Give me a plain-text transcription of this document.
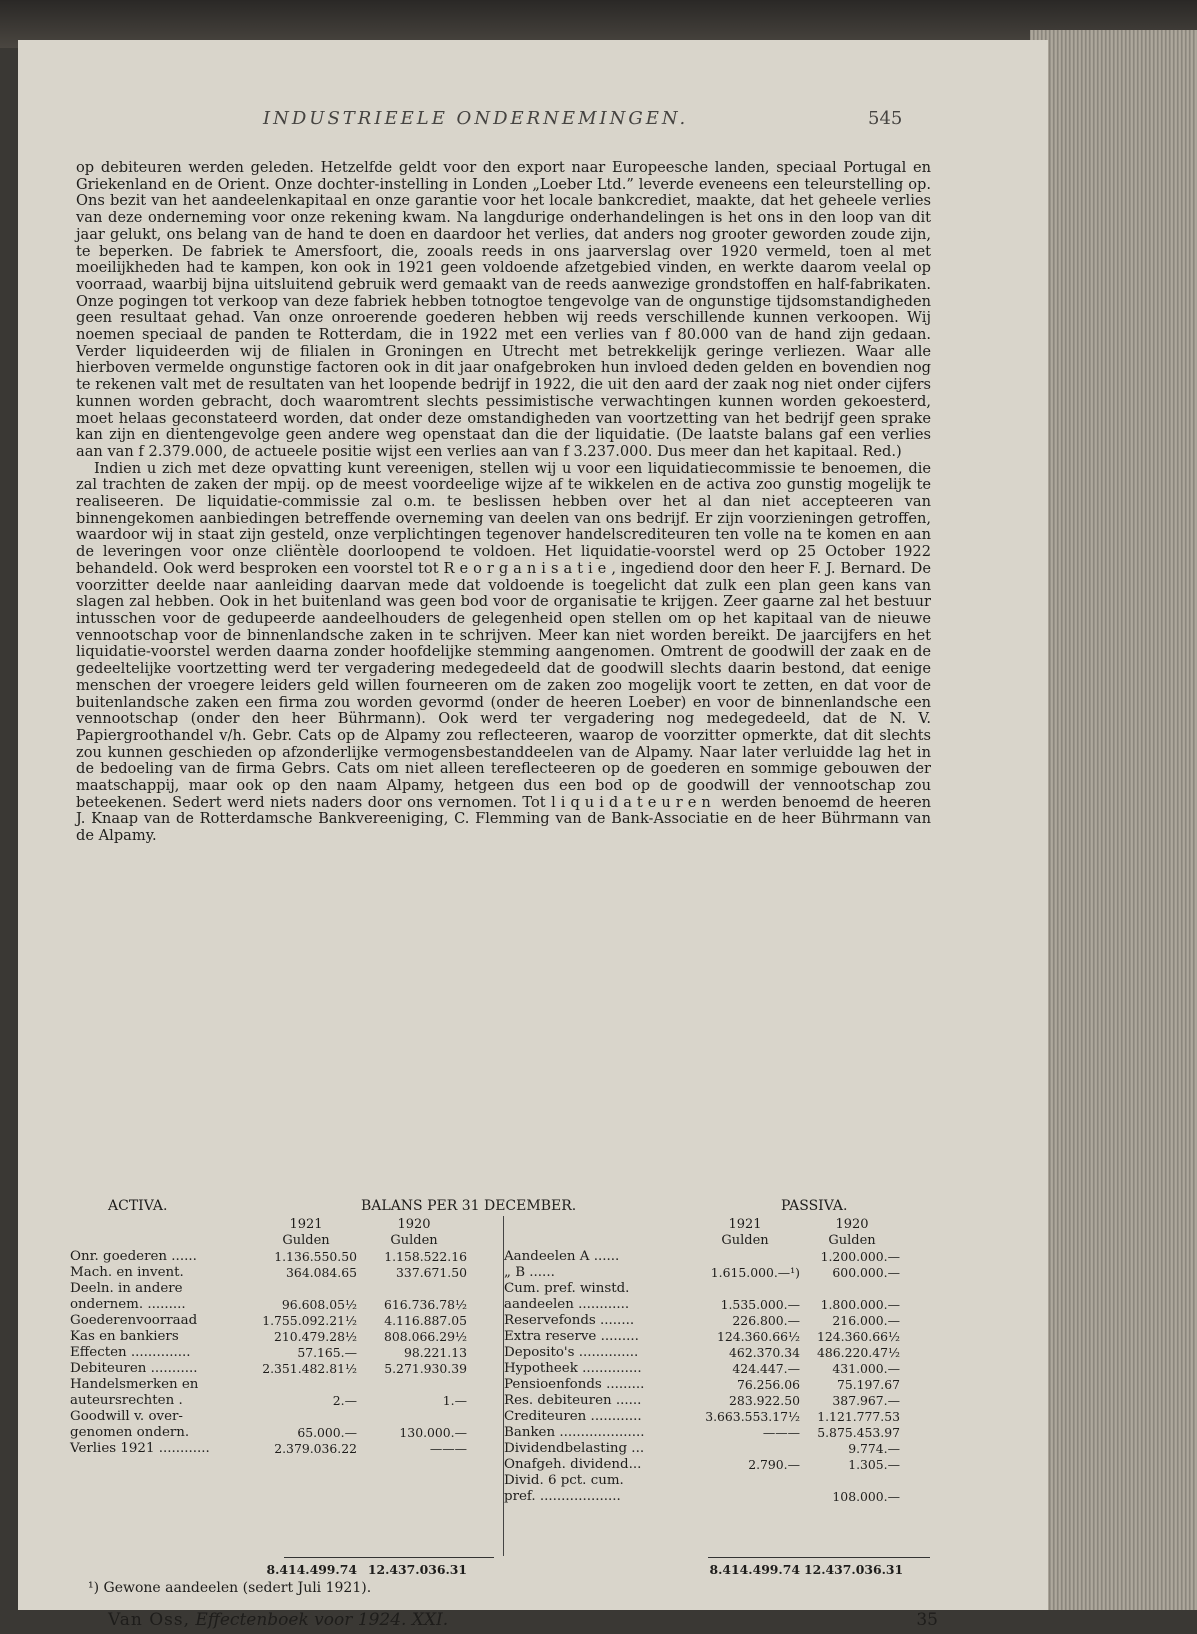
INDUSTRIEELE ONDERNEMINGEN.	545

op debiteuren werden geleden. Hetzelfde geldt voor den export naar Europeesche landen, speciaal Portugal en Griekenland en de Orient. Onze dochter-instelling in Londen „Loeber Ltd.” leverde eveneens een teleurstelling op. Ons bezit van het aandeelenkapitaal en onze garantie voor het locale bankcrediet, maakte, dat het geheele verlies van deze onderneming voor onze rekening kwam. Na langdurige onderhandelingen is het ons in den loop van dit jaar gelukt, ons belang van de hand te doen en daardoor het verlies, dat anders nog grooter geworden zoude zijn, te beperken. De fabriek te Amersfoort, die, zooals reeds in ons jaarverslag over 1920 vermeld, toen al met moeilijkheden had te kampen, kon ook in 1921 geen voldoende afzetgebied vinden, en werkte daarom veelal op voorraad, waarbij bijna uitsluitend gebruik werd gemaakt van de reeds aanwezige grondstoffen en half-fabrikaten. Onze pogingen tot verkoop van deze fabriek hebben totnogtoe tengevolge van de ongunstige tijdsomstandigheden geen resultaat gehad. Van onze onroerende goederen hebben wij reeds verschillende kunnen verkoopen. Wij noemen speciaal de panden te Rotterdam, die in 1922 met een verlies van f 80.000 van de hand zijn gedaan. Verder liquideerden wij de filialen in Groningen en Utrecht met betrekkelijk geringe verliezen. Waar alle hierboven vermelde ongunstige factoren ook in dit jaar onafgebroken hun invloed deden gelden en bovendien nog te rekenen valt met de resultaten van het loopende bedrijf in 1922, die uit den aard der zaak nog niet onder cijfers kunnen worden gebracht, doch waaromtrent slechts pessimistische verwachtingen kunnen worden gekoesterd, moet helaas geconstateerd worden, dat onder deze omstandigheden van voortzetting van het bedrijf geen sprake kan zijn en dientengevolge geen andere weg openstaat dan die der liquidatie. (De laatste balans gaf een verlies aan van f 2.379.000, de actueele positie wijst een verlies aan van f 3.237.000. Dus meer dan het kapitaal. Red.)

Indien u zich met deze opvatting kunt vereenigen, stellen wij u voor een liquidatiecommissie te benoemen, die zal trachten de zaken der mpij. op de meest voordeelige wijze af te wikkelen en de activa zoo gunstig mogelijk te realiseeren. De liquidatie-commissie zal o.m. te beslissen hebben over het al dan niet accepteeren van binnengekomen aanbiedingen betreffende overneming van deelen van ons bedrijf. Er zijn voorzieningen getroffen, waardoor wij in staat zijn gesteld, onze verplichtingen tegenover handelscrediteuren ten volle na te komen en aan de leveringen voor onze cliëntèle doorloopend te voldoen. Het liquidatie-voorstel werd op 25 October 1922 behandeld. Ook werd besproken een voorstel tot Reorganisatie, ingediend door den heer F. J. Bernard. De voorzitter deelde naar aanleiding daarvan mede dat voldoende is toegelicht dat zulk een plan geen kans van slagen zal hebben. Ook in het buitenland was geen bod voor de organisatie te krijgen. Zeer gaarne zal het bestuur intusschen voor de gedupeerde aandeelhouders de gelegenheid open stellen om op het kapitaal van de nieuwe vennootschap voor de binnenlandsche zaken in te schrijven. Meer kan niet worden bereikt. De jaarcijfers en het liquidatie-voorstel werden daarna zonder hoofdelijke stemming aangenomen. Omtrent de goodwill der zaak en de gedeeltelijke voortzetting werd ter vergadering medegedeeld dat de goodwill slechts daarin bestond, dat eenige menschen der vroegere leiders geld willen fourneeren om de zaken zoo mogelijk voort te zetten, en dat voor de buitenlandsche zaken een firma zou worden gevormd (onder de heeren Loeber) en voor de binnenlandsche een vennootschap (onder den heer Bührmann). Ook werd ter vergadering nog medegedeeld, dat de N. V. Papiergroothandel v/h. Gebr. Cats op de Alpamy zou reflecteeren, waarop de voorzitter opmerkte, dat dit slechts zou kunnen geschieden op afzonderlijke vermogensbestanddeelen van de Alpamy. Naar later verluidde lag het in de bedoeling van de firma Gebrs. Cats om niet alleen tereflecteeren op de goederen en sommige gebouwen der maatschappij, maar ook op den naam Alpamy, hetgeen dus een bod op de goodwill der vennootschap zou beteekenen. Sedert werd niets naders door ons vernomen. Tot liquidateuren werden benoemd de heeren J. Knaap van de Rotterdamsche Bankvereeniging, C. Flemming van de Bank-Associatie en de heer Bührmann van de Alpamy.

ACTIVA.	BALANS PER 31 DECEMBER.	PASSIVA.
	1921	1920
	Gulden	Gulden
Onr. goederen ......	1.136.550.50	1.158.522.16
Mach. en invent.	364.084.65	337.671.50
Deeln. in andere		
ondernem. .........	96.608.05½	616.736.78½
Goederenvoorraad	1.755.092.21½	4.116.887.05
Kas en bankiers	210.479.28½	808.066.29½
Effecten ..............	57.165.—	98.221.13
Debiteuren ...........	2.351.482.81½	5.271.930.39
Handelsmerken en		
auteursrechten .	2.—	1.—
Goodwill v. over-		
genomen ondern.	65.000.—	130.000.—
Verlies 1921 ............	2.379.036.22	———
	1921	1920
	Gulden	Gulden
Aandeelen A ......		1.200.000.—
„ B ......	1.615.000.—¹)	600.000.—
Cum. pref. winstd.		
aandeelen ............	1.535.000.—	1.800.000.—
Reservefonds ........	226.800.—	216.000.—
Extra reserve .........	124.360.66½	124.360.66½
Deposito's ..............	462.370.34	486.220.47½
Hypotheek ..............	424.447.—	431.000.—
Pensioenfonds .........	76.256.06	75.197.67
Res. debiteuren ......	283.922.50	387.967.—
Crediteuren ............	3.663.553.17½	1.121.777.53
Banken ....................	———	5.875.453.97
Dividendbelasting ...		9.774.—
Onafgeh. dividend...	2.790.—	1.305.—
Divid. 6 pct. cum.		
pref. ...................		108.000.—
	8.414.499.74	12.437.036.31
		8.414.499.74	12.437.036.31
¹) Gewone aandeelen (sedert Juli 1921).
Van Oss, Effectenboek voor 1924. XXI.	35
